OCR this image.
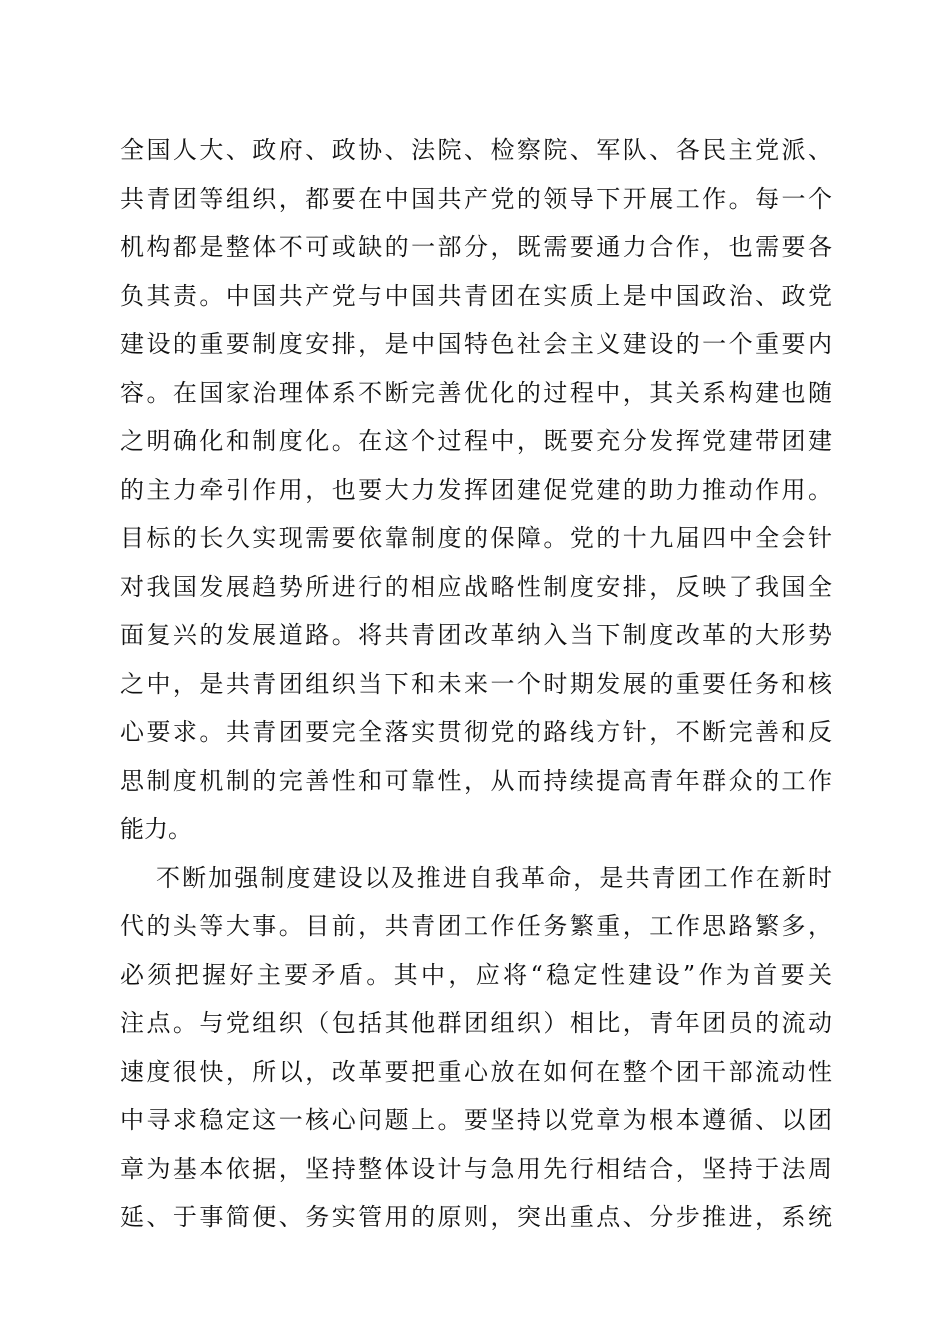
全国人大、政府、政协、法院、检察院、军队、各民主党派、
共青团等组织，都要在中国共产党的领导下开展工作。每一个
机构都是整体不可或缺的一部分，既需要通力合作，也需要各
负其责。中国共产党与中国共青团在实质上是中国政治、政党
建设的重要制度安排，是中国特色社会主义建设的一个重要内
容。在国家治理体系不断完善优化的过程中，其关系构建也随
之明确化和制度化。在这个过程中，既要充分发挥党建带团建
的主力牵引作用，也要大力发挥团建促党建的助力推动作用。
目标的长久实现需要依靠制度的保障。党的十九届四中全会针
对我国发展趋势所进行的相应战略性制度安排，反映了我国全
面复兴的发展道路。将共青团改革纳入当下制度改革的大形势
之中，是共青团组织当下和未来一个时期发展的重要任务和核
心要求。共青团要完全落实贯彻党的路线方针，不断完善和反
思制度机制的完善性和可靠性，从而持续提高青年群众的工作
能力。
不断加强制度建设以及推进自我革命，是共青团工作在新时
代的头等大事。目前，共青团工作任务繁重，工作思路繁多，
必须把握好主要矛盾。其中，应将“稳定性建设”作为首要关
注点。与党组织（包括其他群团组织）相比，青年团员的流动
速度很快，所以，改革要把重心放在如何在整个团干部流动性
中寻求稳定这一核心问题上。要坚持以党章为根本遵循、以团
章为基本依据，坚持整体设计与急用先行相结合，坚持于法周
延、于事简便、务实管用的原则，突出重点、分步推进，系统
